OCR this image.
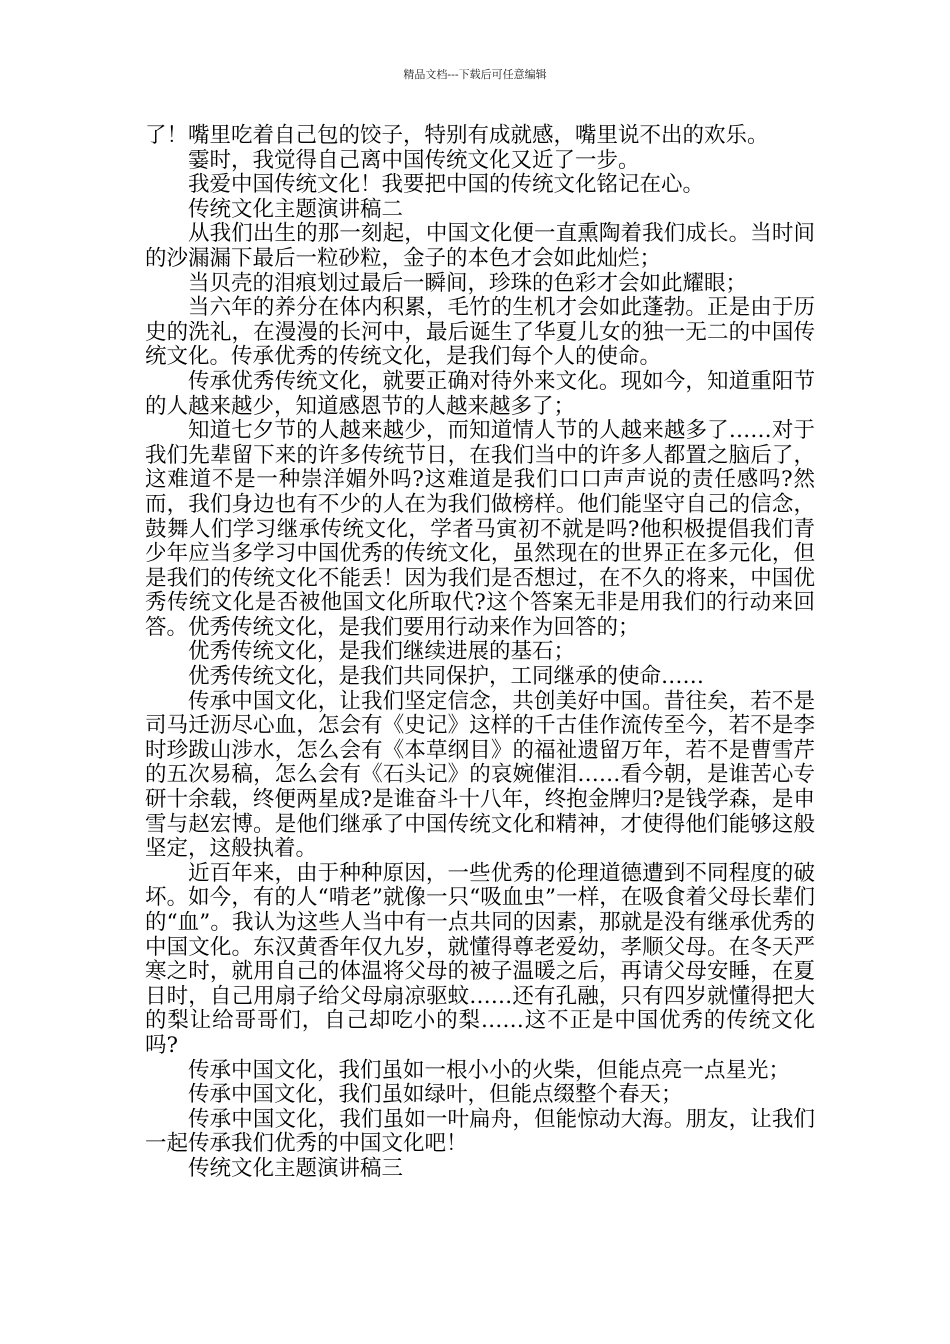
精品文档---下载后可任意编辑

了！嘴里吃着自己包的饺子，特别有成就感，嘴里说不出的欢乐。

霎时，我觉得自己离中国传统文化又近了一步。

我爱中国传统文化！我要把中国的传统文化铭记在心。

传统文化主题演讲稿二

从我们出生的那一刻起，中国文化便一直熏陶着我们成长。当时间的沙漏漏下最后一粒砂粒，金子的本色才会如此灿烂；

当贝壳的泪痕划过最后一瞬间，珍珠的色彩才会如此耀眼；

当六年的养分在体内积累，毛竹的生机才会如此蓬勃。正是由于历史的洗礼，在漫漫的长河中，最后诞生了华夏儿女的独一无二的中国传统文化。传承优秀的传统文化，是我们每个人的使命。

传承优秀传统文化，就要正确对待外来文化。现如今，知道重阳节的人越来越少，知道感恩节的人越来越多了；

知道七夕节的人越来越少，而知道情人节的人越来越多了……对于我们先辈留下来的许多传统节日，在我们当中的许多人都置之脑后了，这难道不是一种崇洋媚外吗?这难道是我们口口声声说的责任感吗?然而，我们身边也有不少的人在为我们做榜样。他们能坚守自己的信念，鼓舞人们学习继承传统文化，学者马寅初不就是吗?他积极提倡我们青少年应当多学习中国优秀的传统文化，虽然现在的世界正在多元化，但是我们的传统文化不能丢！因为我们是否想过，在不久的将来，中国优秀传统文化是否被他国文化所取代?这个答案无非是用我们的行动来回答。优秀传统文化，是我们要用行动来作为回答的；

优秀传统文化，是我们继续进展的基石；

优秀传统文化，是我们共同保护，工同继承的使命……

传承中国文化，让我们坚定信念，共创美好中国。昔往矣，若不是司马迁沥尽心血，怎会有《史记》这样的千古佳作流传至今，若不是李时珍跋山涉水，怎么会有《本草纲目》的福祉遗留万年，若不是曹雪芹的五次易稿，怎么会有《石头记》的哀婉催泪……看今朝，是谁苦心专研十余载，终便两星成?是谁奋斗十八年，终抱金牌归?是钱学森，是申雪与赵宏博。是他们继承了中国传统文化和精神，才使得他们能够这般坚定，这般执着。

近百年来，由于种种原因，一些优秀的伦理道德遭到不同程度的破坏。如今，有的人“啃老”就像一只“吸血虫”一样，在吸食着父母长辈们的“血”。我认为这些人当中有一点共同的因素，那就是没有继承优秀的中国文化。东汉黄香年仅九岁，就懂得尊老爱幼，孝顺父母。在冬天严寒之时，就用自己的体温将父母的被子温暖之后，再请父母安睡，在夏日时，自己用扇子给父母扇凉驱蚊……还有孔融，只有四岁就懂得把大的梨让给哥哥们，自己却吃小的梨……这不正是中国优秀的传统文化吗?

传承中国文化，我们虽如一根小小的火柴，但能点亮一点星光；

传承中国文化，我们虽如绿叶，但能点缀整个春天；

传承中国文化，我们虽如一叶扁舟，但能惊动大海。朋友，让我们一起传承我们优秀的中国文化吧！

传统文化主题演讲稿三
